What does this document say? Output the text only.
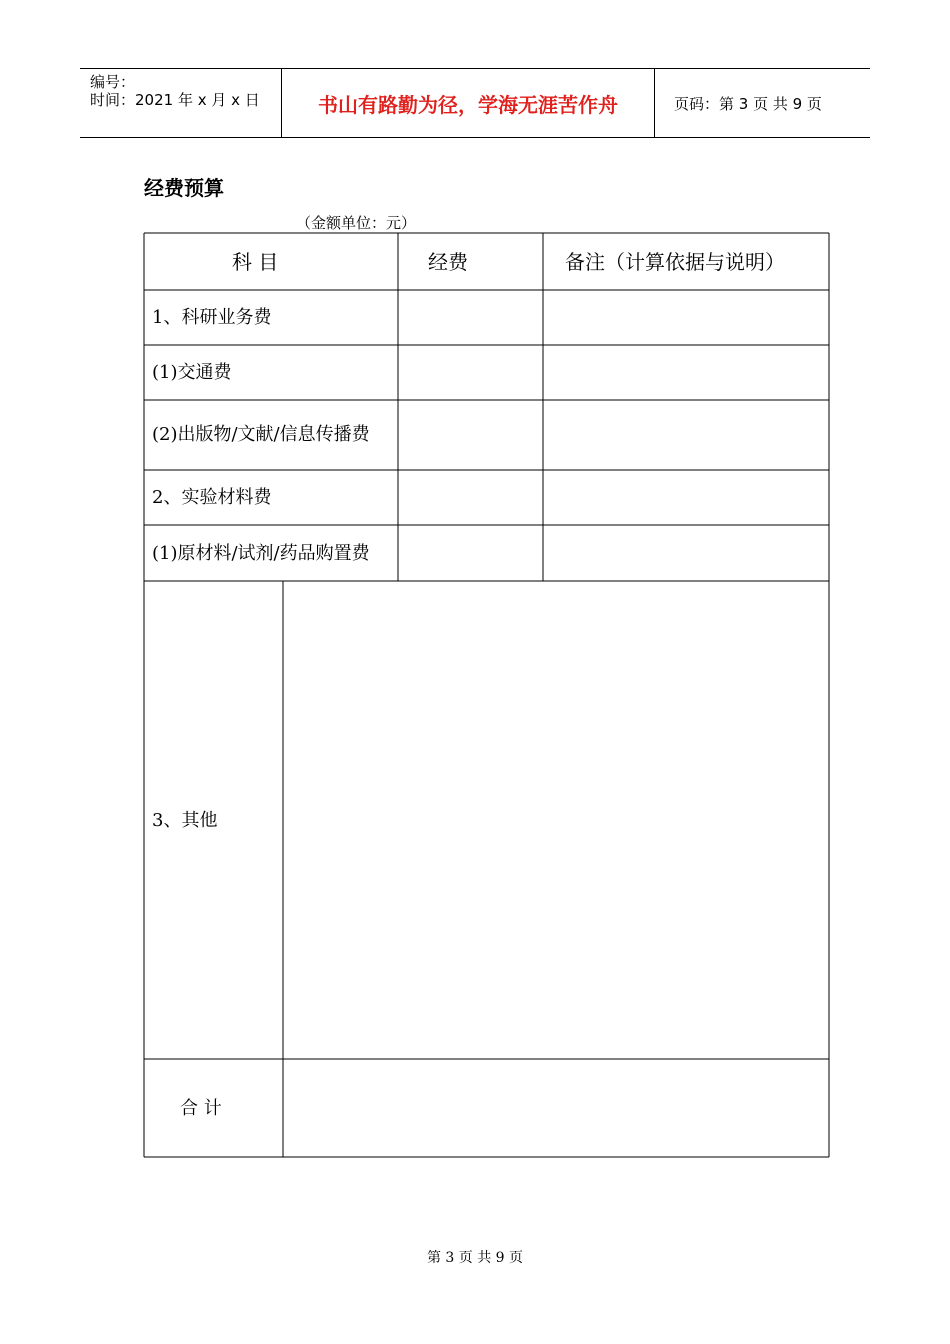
编号：
时间：2021 年 x 月 x 日	书山有路勤为径，学海无涯苦作舟	页码：第 3 页 共 9 页
经费预算
（金额单位：元）
科 目	经费	备注（计算依据与说明）
1、科研业务费
(1)交通费
(2)出版物/文献/信息传播费
2、实验材料费
(1)原材料/试剂/药品购置费
3、其他
合 计
第 3 页 共 9 页
